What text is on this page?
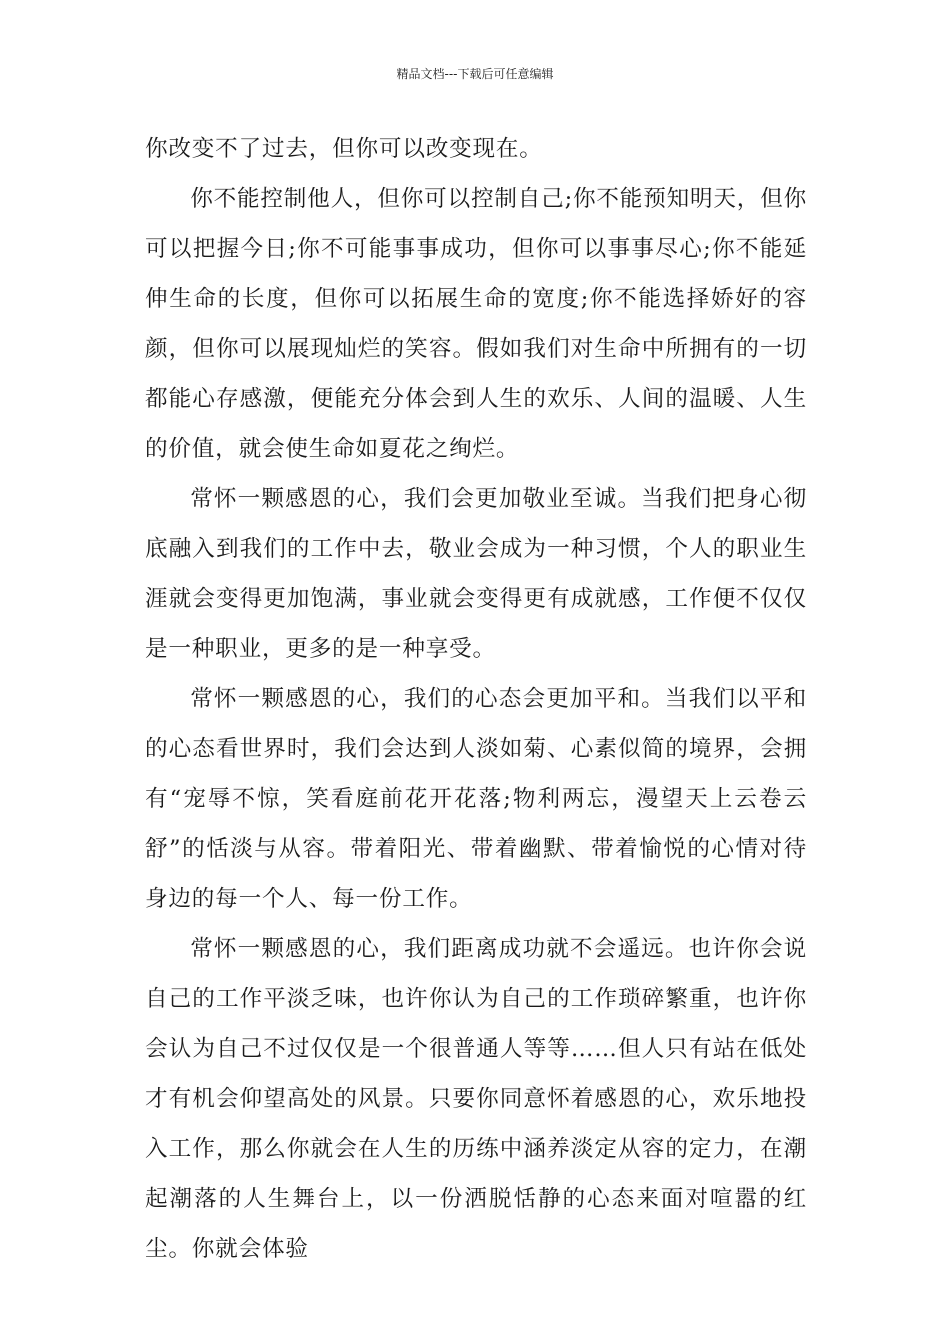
精品文档---下载后可任意编辑

你改变不了过去，但你可以改变现在。

你不能控制他人，但你可以控制自己;你不能预知明天，但你可以把握今日;你不可能事事成功，但你可以事事尽心;你不能延伸生命的长度，但你可以拓展生命的宽度;你不能选择娇好的容颜，但你可以展现灿烂的笑容。假如我们对生命中所拥有的一切都能心存感激，便能充分体会到人生的欢乐、人间的温暖、人生的价值，就会使生命如夏花之绚烂。

常怀一颗感恩的心，我们会更加敬业至诚。当我们把身心彻底融入到我们的工作中去，敬业会成为一种习惯，个人的职业生涯就会变得更加饱满，事业就会变得更有成就感，工作便不仅仅是一种职业，更多的是一种享受。

常怀一颗感恩的心，我们的心态会更加平和。当我们以平和的心态看世界时，我们会达到人淡如菊、心素似简的境界，会拥有“宠辱不惊，笑看庭前花开花落;物利两忘，漫望天上云卷云舒”的恬淡与从容。带着阳光、带着幽默、带着愉悦的心情对待身边的每一个人、每一份工作。

常怀一颗感恩的心，我们距离成功就不会遥远。也许你会说自己的工作平淡乏味，也许你认为自己的工作琐碎繁重，也许你会认为自己不过仅仅是一个很普通人等等……但人只有站在低处才有机会仰望高处的风景。只要你同意怀着感恩的心，欢乐地投入工作，那么你就会在人生的历练中涵养淡定从容的定力，在潮起潮落的人生舞台上，以一份洒脱恬静的心态来面对喧嚣的红尘。你就会体验
